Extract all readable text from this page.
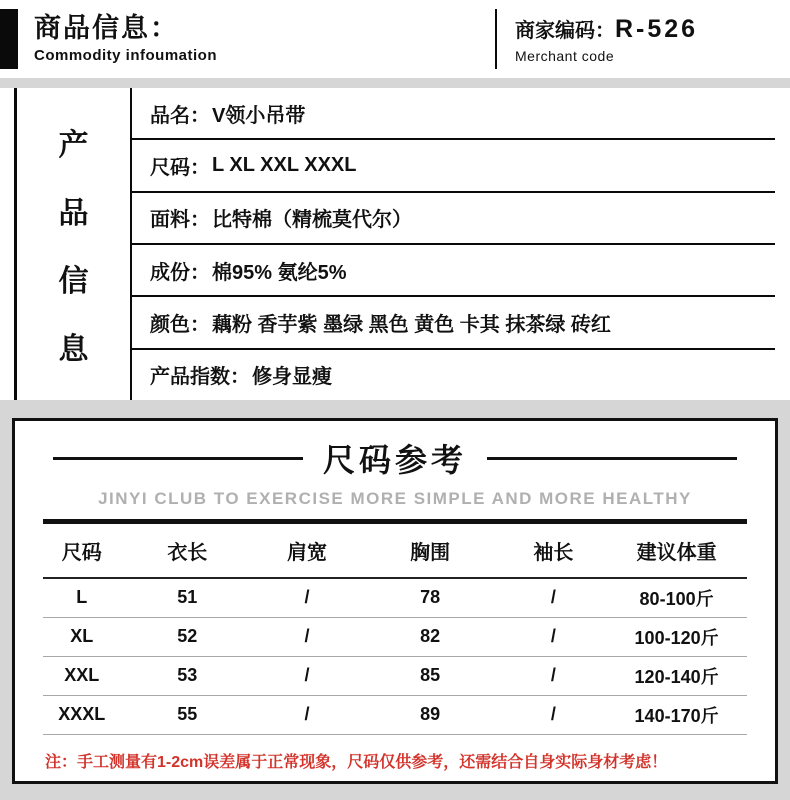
商品信息：
Commodity infoumation
商家编码： R-526
Merchant code
产
品
信
息
品名： V领小吊带
尺码： L XL XXL XXXL
面料： 比特棉（精梳莫代尔）
成份： 棉95% 氨纶5%
颜色： 藕粉 香芋紫 墨绿 黑色 黄色 卡其 抹茶绿 砖红
产品指数： 修身显瘦
尺码参考
JINYI CLUB TO EXERCISE MORE SIMPLE AND MORE HEALTHY
尺码	衣长	肩宽	胸围	袖长	建议体重
L	51	/	78	/	80-100斤
XL	52	/	82	/	100-120斤
XXL	53	/	85	/	120-140斤
XXXL	55	/	89	/	140-170斤
注：手工测量有1-2cm误差属于正常现象，尺码仅供参考，还需结合自身实际身材考虑！
